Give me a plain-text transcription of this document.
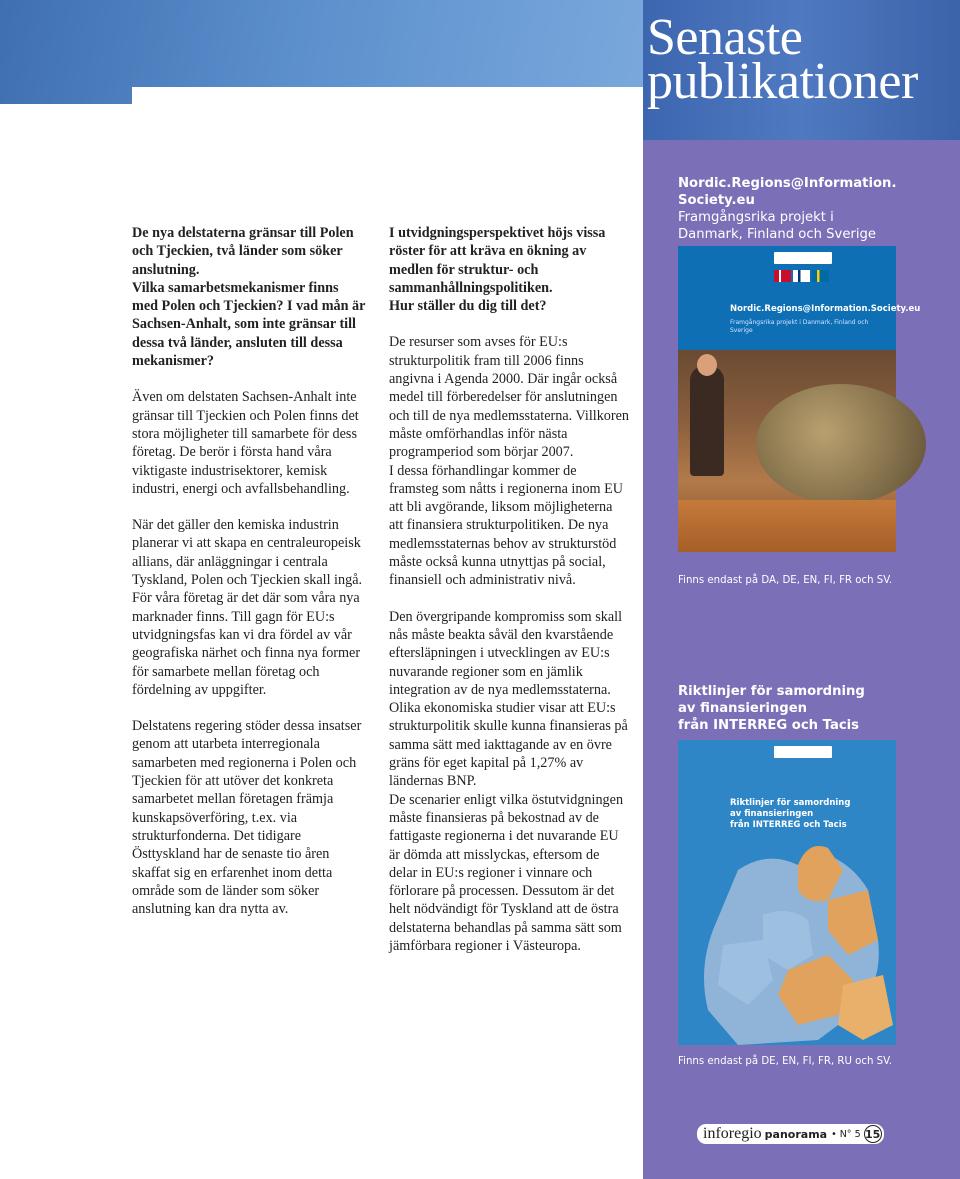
Senaste
publikationer

De nya delstaterna gränsar till Polen och Tjeckien, två länder som söker anslutning.
Vilka samarbetsmekanismer finns med Polen och Tjeckien? I vad mån är Sachsen-Anhalt, som inte gränsar till dessa två länder, ansluten till dessa mekanismer?

Även om delstaten Sachsen-Anhalt inte gränsar till Tjeckien och Polen finns det stora möjligheter till samarbete för dess företag. De berör i första hand våra viktigaste industrisektorer, kemisk industri, energi och avfallsbehandling.

När det gäller den kemiska industrin planerar vi att skapa en centraleuropeisk allians, där anläggningar i centrala Tyskland, Polen och Tjeckien skall ingå.

För våra företag är det där som våra nya marknader finns. Till gagn för EU:s utvidgningsfas kan vi dra fördel av vår geografiska närhet och finna nya former för samarbete mellan företag och fördelning av uppgifter.

Delstatens regering stöder dessa insatser genom att utarbeta interregionala samarbeten med regionerna i Polen och Tjeckien för att utöver det konkreta samarbetet mellan företagen främja kunskapsöverföring, t.ex. via strukturfonderna. Det tidigare Östtyskland har de senaste tio åren skaffat sig en erfarenhet inom detta område som de länder som söker anslutning kan dra nytta av.

I utvidgningsperspektivet höjs vissa röster för att kräva en ökning av medlen för struktur- och sammanhållningspolitiken.
Hur ställer du dig till det?

De resurser som avses för EU:s strukturpolitik fram till 2006 finns angivna i Agenda 2000. Där ingår också medel till förberedelser för anslutningen och till de nya medlemsstaterna. Villkoren måste omförhandlas inför nästa programperiod som börjar 2007.

I dessa förhandlingar kommer de framsteg som nåtts i regionerna inom EU att bli avgörande, liksom möjligheterna att finansiera strukturpolitiken. De nya medlemsstaternas behov av strukturstöd måste också kunna utnyttjas på social, finansiell och administrativ nivå.

Den övergripande kompromiss som skall nås måste beakta såväl den kvarstående eftersläpningen i utvecklingen av EU:s nuvarande regioner som en jämlik integration av de nya medlemsstaterna.

Olika ekonomiska studier visar att EU:s strukturpolitik skulle kunna finansieras på samma sätt med iakttagande av en övre gräns för eget kapital på 1,27% av ländernas BNP.

De scenarier enligt vilka östutvidgningen måste finansieras på bekostnad av de fattigaste regionerna i det nuvarande EU är dömda att misslyckas, eftersom de delar in EU:s regioner i vinnare och förlorare på processen. Dessutom är det helt nödvändigt för Tyskland att de östra delstaterna behandlas på samma sätt som jämförbara regioner i Västeuropa.

Nordic.Regions@Information.
Society.eu
Framgångsrika projekt i
Danmark, Finland och Sverige
Nordic.Regions@Information.Society.eu
Framgångsrika projekt i Danmark, Finland och Sverige
Finns endast på DA, DE, EN, FI, FR och SV.
Riktlinjer för samordning
av finansieringen
från INTERREG och Tacis
Riktlinjer för samordning
av finansieringen
från INTERREG och Tacis
Finns endast på DE, EN, FI, FR, RU och SV.
inforegio panorama • N° 5 15
